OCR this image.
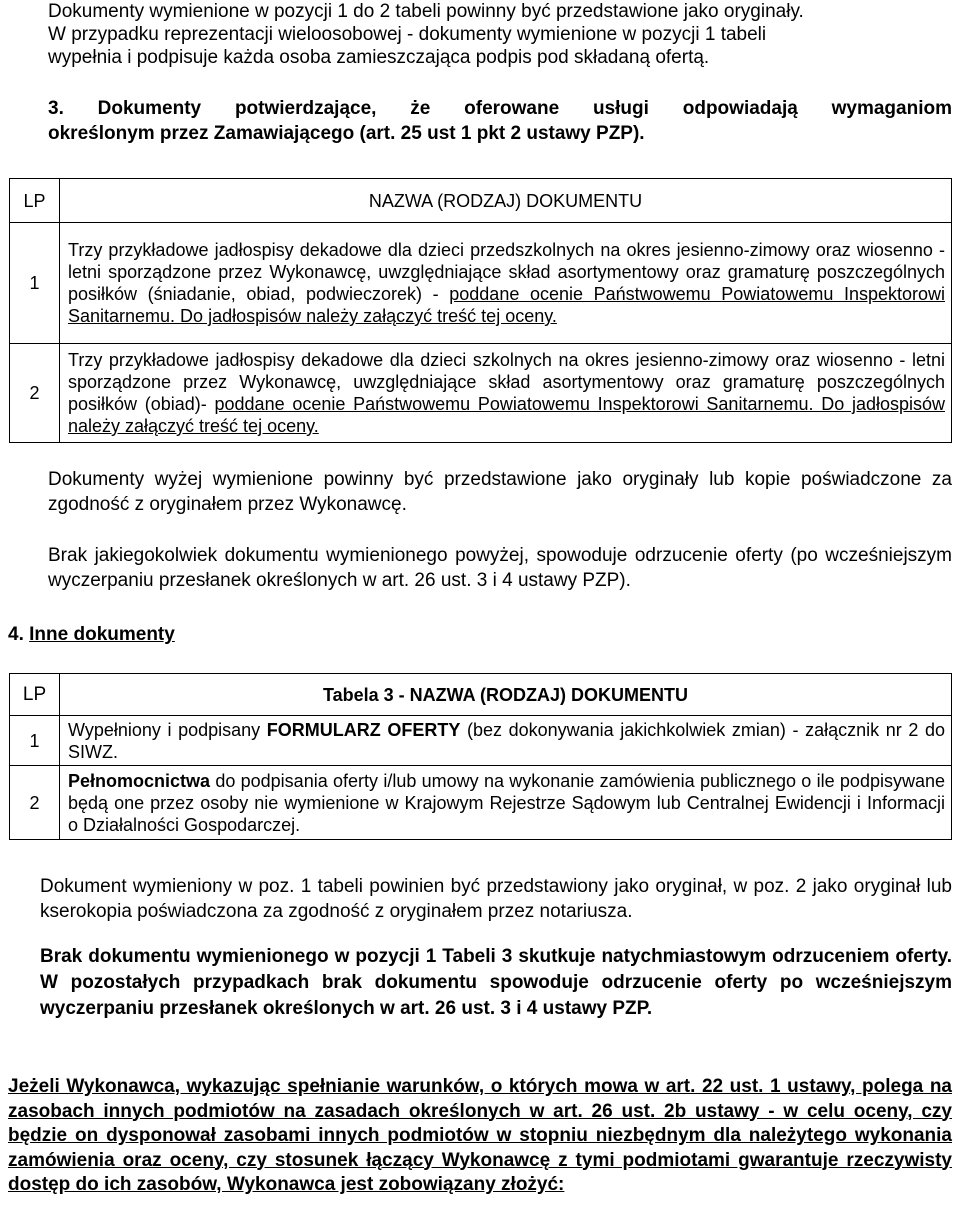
Dokumenty wymienione w pozycji 1 do 2 tabeli powinny być przedstawione jako oryginały.
W przypadku reprezentacji wieloosobowej - dokumenty wymienione w pozycji 1 tabeli
wypełnia i podpisuje każda osoba zamieszczająca podpis pod składaną ofertą.
3. Dokumenty potwierdzające, że oferowane usługi odpowiadają wymaganiom
określonym przez Zamawiającego (art. 25 ust 1 pkt 2 ustawy PZP).
LP	NAZWA (RODZAJ) DOKUMENTU
1	Trzy przykładowe jadłospisy dekadowe dla dzieci przedszkolnych na okres jesienno-zimowy oraz wiosenno - letni sporządzone przez Wykonawcę, uwzględniające skład asortymentowy oraz gramaturę poszczególnych posiłków (śniadanie, obiad, podwieczorek) - poddane ocenie Państwowemu Powiatowemu Inspektorowi Sanitarnemu. Do jadłospisów należy załączyć treść tej oceny.
2	Trzy przykładowe jadłospisy dekadowe dla dzieci szkolnych na okres jesienno-zimowy oraz wiosenno - letni sporządzone przez Wykonawcę, uwzględniające skład asortymentowy oraz gramaturę poszczególnych posiłków (obiad)- poddane ocenie Państwowemu Powiatowemu Inspektorowi Sanitarnemu. Do jadłospisów należy załączyć treść tej oceny.
Dokumenty wyżej wymienione powinny być przedstawione jako oryginały lub kopie poświadczone za zgodność z oryginałem przez Wykonawcę.
Brak jakiegokolwiek dokumentu wymienionego powyżej, spowoduje odrzucenie oferty (po wcześniejszym wyczerpaniu przesłanek określonych w art. 26 ust. 3 i 4 ustawy PZP).
4. Inne dokumenty
LP	Tabela 3 - NAZWA (RODZAJ) DOKUMENTU
1	Wypełniony i podpisany FORMULARZ OFERTY (bez dokonywania jakichkolwiek zmian) - załącznik nr 2 do SIWZ.
2	Pełnomocnictwa do podpisania oferty i/lub umowy na wykonanie zamówienia publicznego o ile podpisywane będą one przez osoby nie wymienione w Krajowym Rejestrze Sądowym lub Centralnej Ewidencji i Informacji o Działalności Gospodarczej.
Dokument wymieniony w poz. 1 tabeli powinien być przedstawiony jako oryginał, w poz. 2 jako oryginał lub kserokopia poświadczona za zgodność z oryginałem przez notariusza.
Brak dokumentu wymienionego w pozycji 1 Tabeli 3 skutkuje natychmiastowym odrzuceniem oferty. W pozostałych przypadkach brak dokumentu spowoduje odrzucenie oferty po wcześniejszym wyczerpaniu przesłanek określonych w art. 26 ust. 3 i 4 ustawy PZP.
Jeżeli Wykonawca, wykazując spełnianie warunków, o których mowa w art. 22 ust. 1 ustawy, polega na zasobach innych podmiotów na zasadach określonych w art. 26 ust. 2b ustawy - w celu oceny, czy będzie on dysponował zasobami innych podmiotów w stopniu niezbędnym dla należytego wykonania zamówienia oraz oceny, czy stosunek łączący Wykonawcę z tymi podmiotami gwarantuje rzeczywisty dostęp do ich zasobów, Wykonawca jest zobowiązany złożyć:
